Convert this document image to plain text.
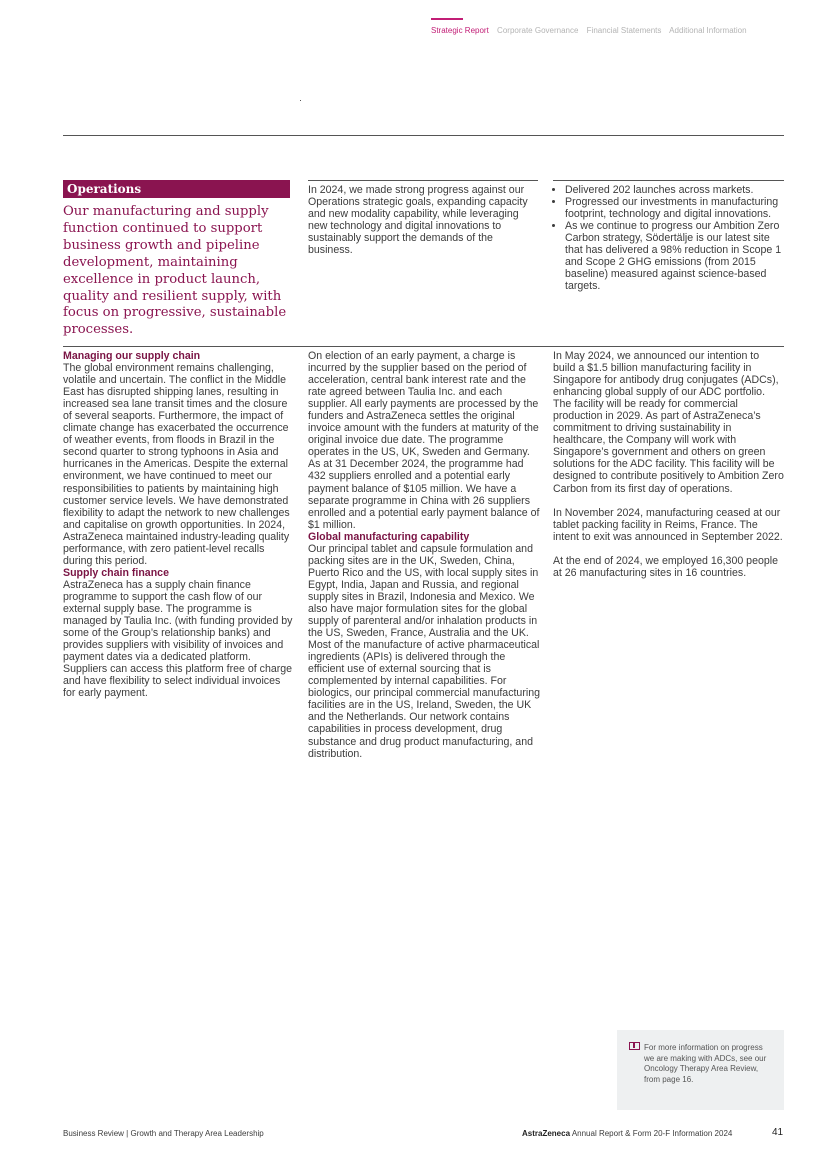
Strategic Report Corporate Governance Financial Statements Additional Information
Operations
Our manufacturing and supply function continued to support business growth and pipeline development, maintaining excellence in product launch, quality and resilient supply, with focus on progressive, sustainable processes.

In 2024, we made strong progress against our Operations strategic goals, expanding capacity and new modality capability, while leveraging new technology and digital innovations to sustainably support the demands of the business.

• Delivered 202 launches across markets.
• Progressed our investments in manufacturing footprint, technology and digital innovations.
• As we continue to progress our Ambition Zero Carbon strategy, Södertälje is our latest site that has delivered a 98% reduction in Scope 1 and Scope 2 GHG emissions (from 2015 baseline) measured against science-based targets.
Managing our supply chain

The global environment remains challenging, volatile and uncertain. The conflict in the Middle East has disrupted shipping lanes, resulting in increased sea lane transit times and the closure of several seaports. Furthermore, the impact of climate change has exacerbated the occurrence of weather events, from floods in Brazil in the second quarter to strong typhoons in Asia and hurricanes in the Americas. Despite the external environment, we have continued to meet our responsibilities to patients by maintaining high customer service levels. We have demonstrated flexibility to adapt the network to new challenges and capitalise on growth opportunities. In 2024, AstraZeneca maintained industry-leading quality performance, with zero patient-level recalls during this period.

Supply chain finance

AstraZeneca has a supply chain finance programme to support the cash flow of our external supply base. The programme is managed by Taulia Inc. (with funding provided by some of the Group’s relationship banks) and provides suppliers with visibility of invoices and payment dates via a dedicated platform. Suppliers can access this platform free of charge and have flexibility to select individual invoices for early payment.

On election of an early payment, a charge is incurred by the supplier based on the period of acceleration, central bank interest rate and the rate agreed between Taulia Inc. and each supplier. All early payments are processed by the funders and AstraZeneca settles the original invoice amount with the funders at maturity of the original invoice due date. The programme operates in the US, UK, Sweden and Germany. As at 31 December 2024, the programme had 432 suppliers enrolled and a potential early payment balance of $105 million. We have a separate programme in China with 26 suppliers enrolled and a potential early payment balance of $1 million.

Global manufacturing capability

Our principal tablet and capsule formulation and packing sites are in the UK, Sweden, China, Puerto Rico and the US, with local supply sites in Egypt, India, Japan and Russia, and regional supply sites in Brazil, Indonesia and Mexico. We also have major formulation sites for the global supply of parenteral and/or inhalation products in the US, Sweden, France, Australia and the UK. Most of the manufacture of active pharmaceutical ingredients (APIs) is delivered through the efficient use of external sourcing that is complemented by internal capabilities. For biologics, our principal commercial manufacturing facilities are in the US, Ireland, Sweden, the UK and the Netherlands. Our network contains capabilities in process development, drug substance and drug product manufacturing, and distribution.

In May 2024, we announced our intention to build a $1.5 billion manufacturing facility in Singapore for antibody drug conjugates (ADCs), enhancing global supply of our ADC portfolio. The facility will be ready for commercial production in 2029. As part of AstraZeneca’s commitment to driving sustainability in healthcare, the Company will work with Singapore’s government and others on green solutions for the ADC facility. This facility will be designed to contribute positively to Ambition Zero Carbon from its first day of operations.

In November 2024, manufacturing ceased at our tablet packing facility in Reims, France. The intent to exit was announced in September 2022.

At the end of 2024, we employed 16,300 people at 26 manufacturing sites in 16 countries.

For more information on progress we are making with ADCs, see our Oncology Therapy Area Review, from page 16.
Business Review | Growth and Therapy Area Leadership	AstraZeneca Annual Report & Form 20-F Information 2024	41
